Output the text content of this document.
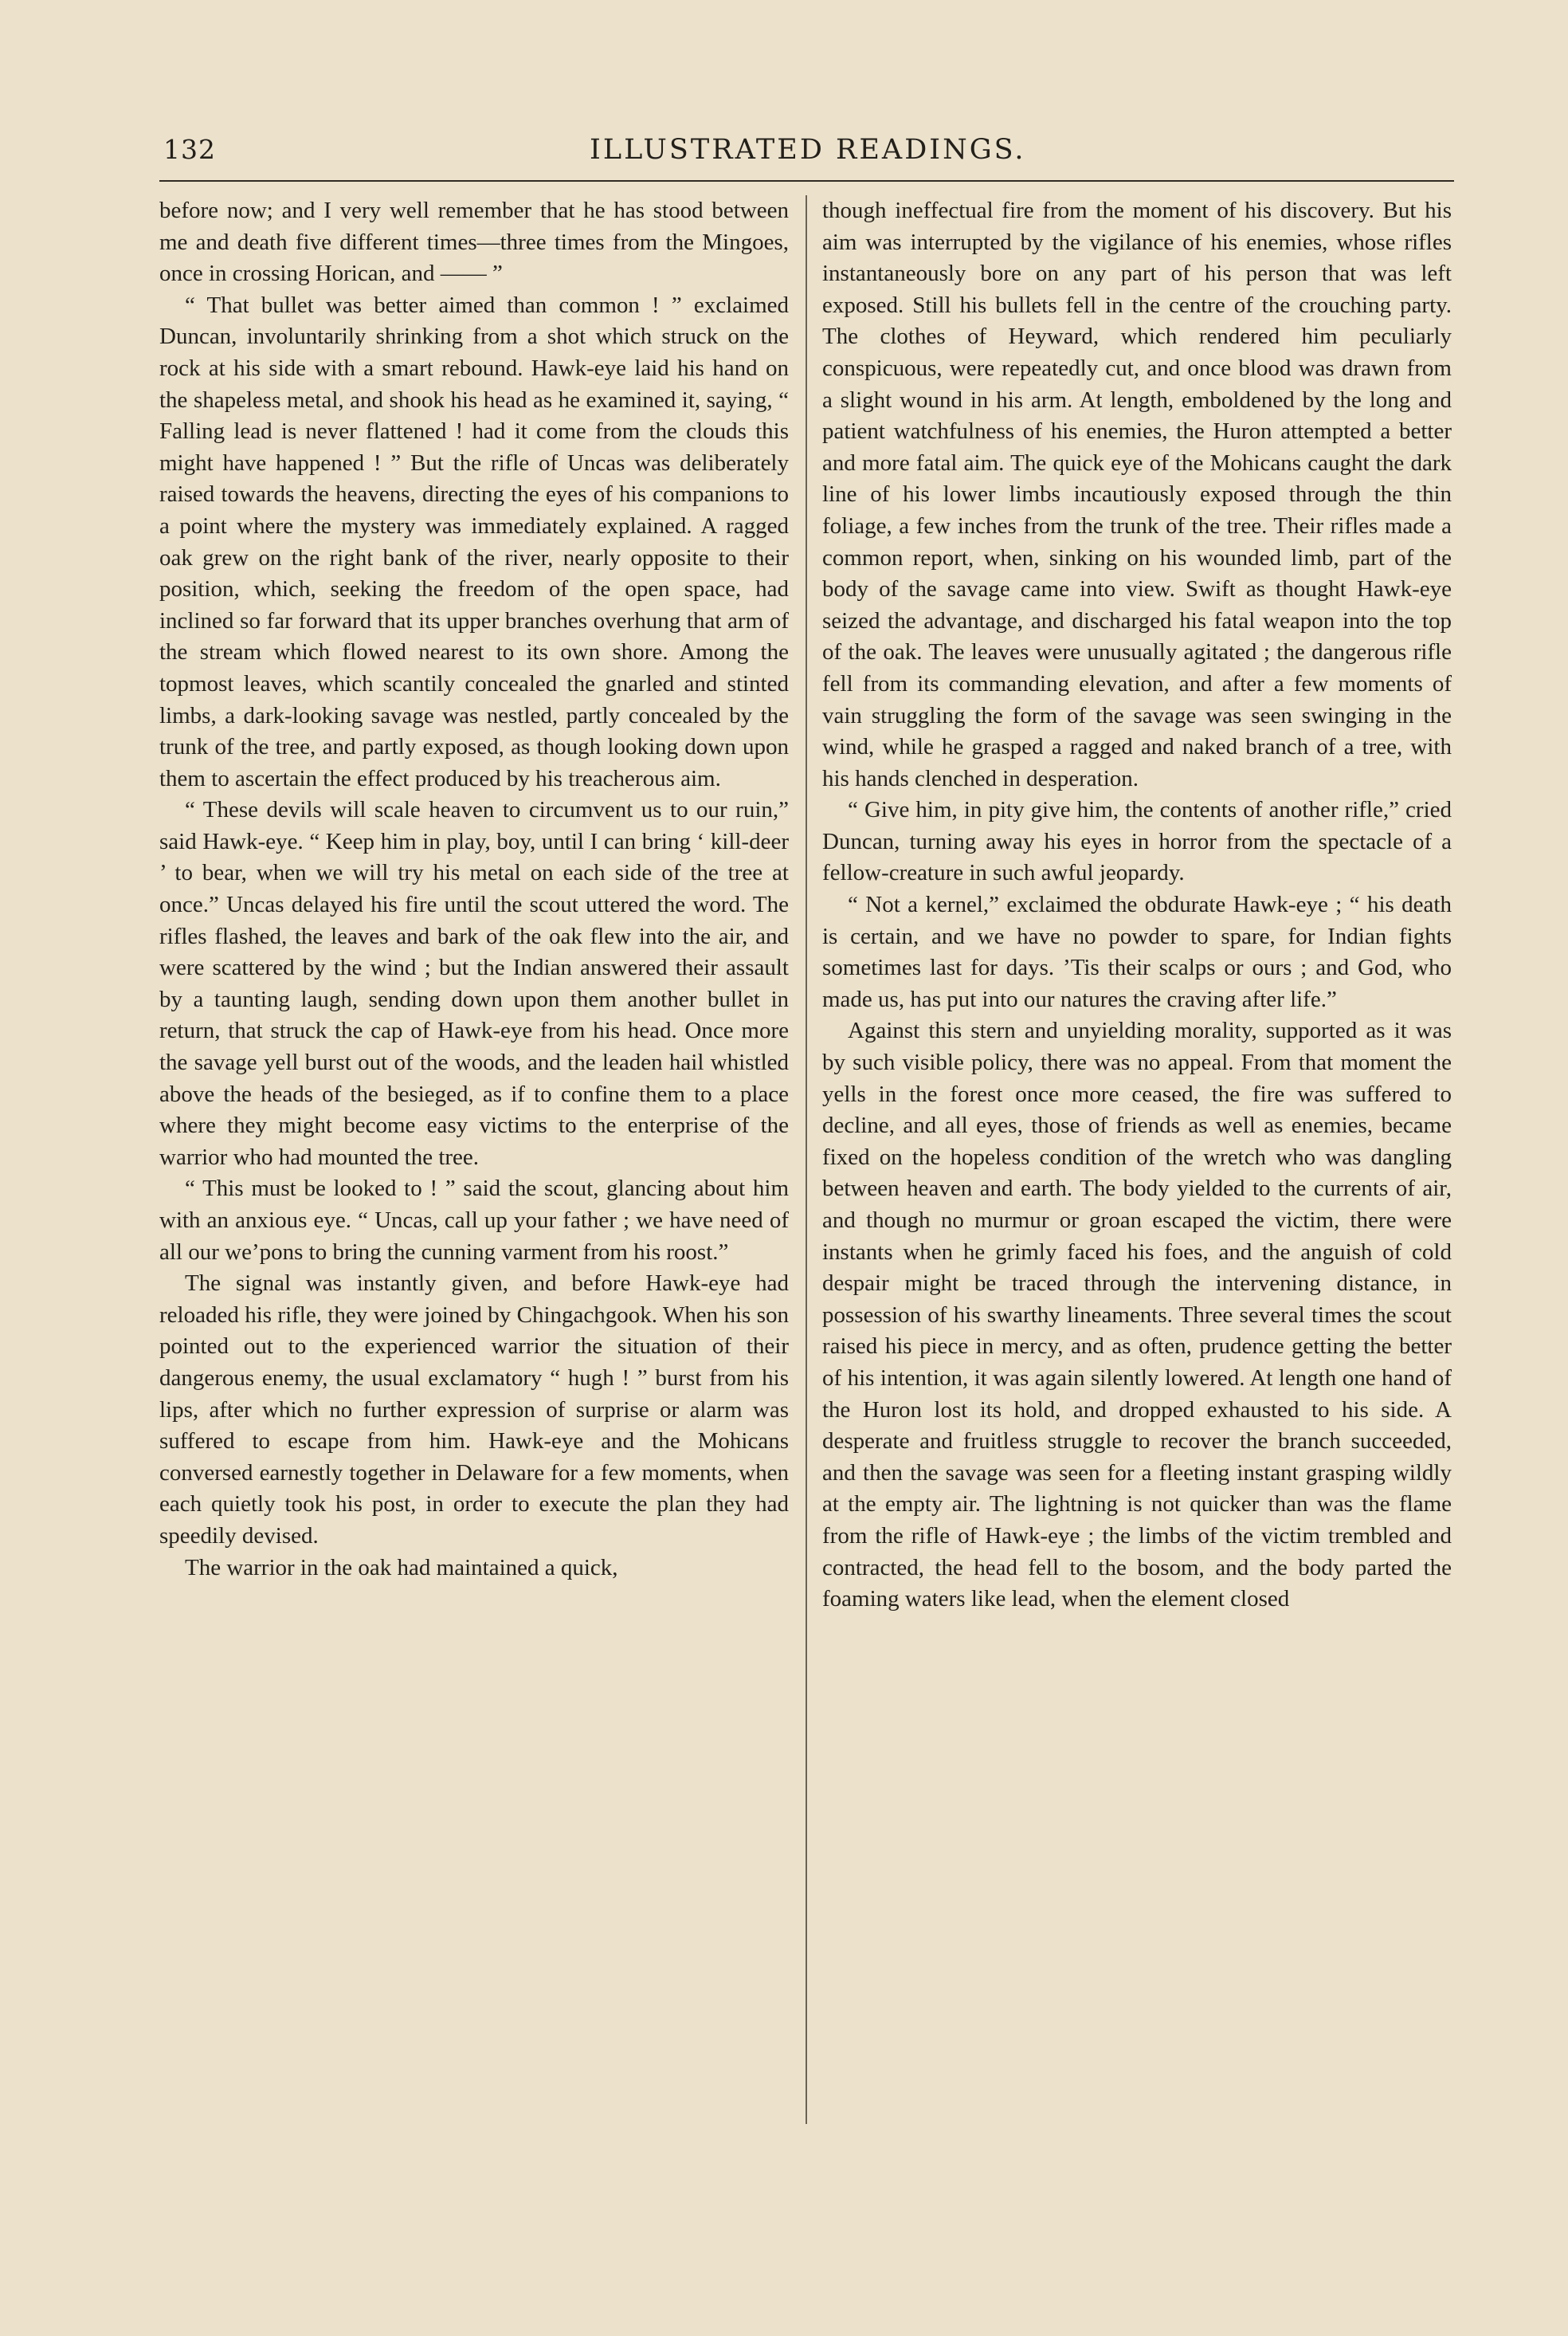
132	ILLUSTRATED READINGS.

before now; and I very well remember that he has stood between me and death five different times—three times from the Mingoes, once in crossing Horican, and —— ”

“ That bullet was better aimed than common ! ” exclaimed Duncan, involuntarily shrinking from a shot which struck on the rock at his side with a smart rebound. Hawk-eye laid his hand on the shapeless metal, and shook his head as he examined it, saying, “ Falling lead is never flattened ! had it come from the clouds this might have happened ! ” But the rifle of Uncas was deliberately raised towards the heavens, directing the eyes of his companions to a point where the mystery was immediately explained. A ragged oak grew on the right bank of the river, nearly opposite to their position, which, seeking the freedom of the open space, had inclined so far forward that its upper branches overhung that arm of the stream which flowed nearest to its own shore. Among the topmost leaves, which scantily concealed the gnarled and stinted limbs, a dark-looking savage was nestled, partly concealed by the trunk of the tree, and partly exposed, as though looking down upon them to ascertain the effect produced by his treacherous aim.

“ These devils will scale heaven to circumvent us to our ruin,” said Hawk-eye. “ Keep him in play, boy, until I can bring ‘ kill-deer ’ to bear, when we will try his metal on each side of the tree at once.” Uncas delayed his fire until the scout uttered the word. The rifles flashed, the leaves and bark of the oak flew into the air, and were scattered by the wind ; but the Indian answered their assault by a taunting laugh, sending down upon them another bullet in return, that struck the cap of Hawk-eye from his head. Once more the savage yell burst out of the woods, and the leaden hail whistled above the heads of the besieged, as if to confine them to a place where they might become easy victims to the enterprise of the warrior who had mounted the tree.

“ This must be looked to ! ” said the scout, glancing about him with an anxious eye. “ Uncas, call up your father ; we have need of all our we’pons to bring the cunning varment from his roost.”

The signal was instantly given, and before Hawk-eye had reloaded his rifle, they were joined by Chingachgook. When his son pointed out to the experienced warrior the situation of their dangerous enemy, the usual exclamatory “ hugh ! ” burst from his lips, after which no further expression of surprise or alarm was suffered to escape from him. Hawk-eye and the Mohicans conversed earnestly together in Delaware for a few moments, when each quietly took his post, in order to execute the plan they had speedily devised.

The warrior in the oak had maintained a quick,

though ineffectual fire from the moment of his discovery. But his aim was interrupted by the vigilance of his enemies, whose rifles instantaneously bore on any part of his person that was left exposed. Still his bullets fell in the centre of the crouching party. The clothes of Heyward, which rendered him peculiarly conspicuous, were repeatedly cut, and once blood was drawn from a slight wound in his arm. At length, emboldened by the long and patient watchfulness of his enemies, the Huron attempted a better and more fatal aim. The quick eye of the Mohicans caught the dark line of his lower limbs incautiously exposed through the thin foliage, a few inches from the trunk of the tree. Their rifles made a common report, when, sinking on his wounded limb, part of the body of the savage came into view. Swift as thought Hawk-eye seized the advantage, and discharged his fatal weapon into the top of the oak. The leaves were unusually agitated ; the dangerous rifle fell from its commanding elevation, and after a few moments of vain struggling the form of the savage was seen swinging in the wind, while he grasped a ragged and naked branch of a tree, with his hands clenched in desperation.

“ Give him, in pity give him, the contents of another rifle,” cried Duncan, turning away his eyes in horror from the spectacle of a fellow-creature in such awful jeopardy.

“ Not a kernel,” exclaimed the obdurate Hawk-eye ; “ his death is certain, and we have no powder to spare, for Indian fights sometimes last for days. ’Tis their scalps or ours ; and God, who made us, has put into our natures the craving after life.”

Against this stern and unyielding morality, supported as it was by such visible policy, there was no appeal. From that moment the yells in the forest once more ceased, the fire was suffered to decline, and all eyes, those of friends as well as enemies, became fixed on the hopeless condition of the wretch who was dangling between heaven and earth. The body yielded to the currents of air, and though no murmur or groan escaped the victim, there were instants when he grimly faced his foes, and the anguish of cold despair might be traced through the intervening distance, in possession of his swarthy lineaments. Three several times the scout raised his piece in mercy, and as often, prudence getting the better of his intention, it was again silently lowered. At length one hand of the Huron lost its hold, and dropped exhausted to his side. A desperate and fruitless struggle to recover the branch succeeded, and then the savage was seen for a fleeting instant grasping wildly at the empty air. The lightning is not quicker than was the flame from the rifle of Hawk-eye ; the limbs of the victim trembled and contracted, the head fell to the bosom, and the body parted the foaming waters like lead, when the element closed
